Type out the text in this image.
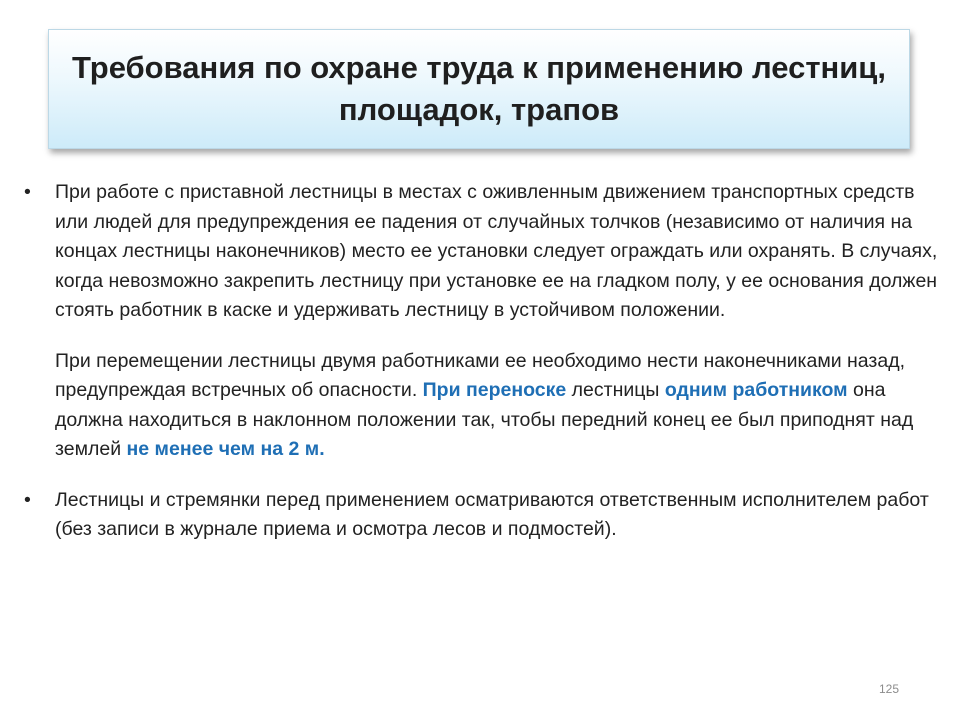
Требования по охране труда к применению лестниц, площадок, трапов
•	При работе с приставной лестницы в местах с оживленным движением транспортных средств или людей для предупреждения ее падения от случайных толчков (независимо от наличия на концах лестницы наконечников) место ее установки следует ограждать или охранять. В случаях, когда невозможно закрепить лестницу при установке ее на гладком полу, у ее основания должен стоять работник в каске и удерживать лестницу в устойчивом положении.

При перемещении лестницы двумя работниками ее необходимо нести наконечниками назад, предупреждая встречных об опасности. При переноске лестницы одним работником она должна находиться в наклонном положении так, чтобы передний конец ее был приподнят над землей не менее чем на 2 м.

•	Лестницы и стремянки перед применением осматриваются ответственным исполнителем работ (без записи в журнале приема и осмотра лесов и подмостей).

125
